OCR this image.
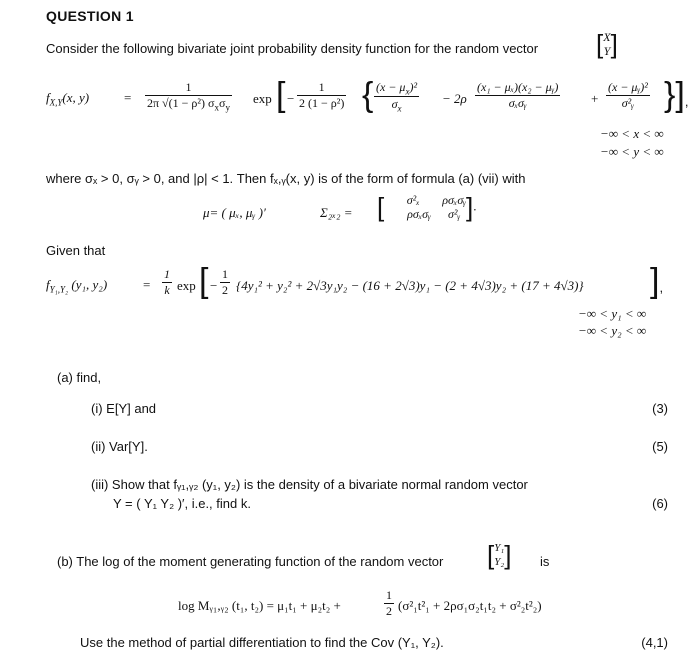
QUESTION 1
Consider the following bivariate joint probability density function for the random vector [ X
Y ]
$f_{X,Y}(x$, y)	= $\frac{1}{2\pi √(1 - \rho^2) \sigma_x\sigma_y}$ exp [ − $\frac{1}{\text{2 (1 − ρ²)}}$ { $\frac{(x - \mu_x)^2}{\sigma_x} - 2\rho \frac{\text{(x₁ − μₓ)(x₂ − μᵧ)}}{\text{σₓσᵧ}} + \frac{\text{(x − μᵧ)²}}{\text{σ²ᵧ}}$ }],
−∞ < x < ∞
−∞ < y < ∞
where σₓ > 0, σᵧ > 0, and |ρ| < 1. Then fₓ,ᵧ(x, y) is of the form of formula (a) (vii) with
μ= ( μₓ, μᵧ )′	Σ₂ₓ₂ = [	σ²ₓ ρσₓσᵧ
ρσₓσᵧ σ²ᵧ ].
Given that
$f_{Y_1,Y_2}$ (y₁, y₂)	= $\frac{1}{k}$ exp [ − $\frac{1}{2} \{4y_1^2 + y_2^2 + 2√3y_1y_2 - (16 + 2√3)y_1 - (2 + 4√3)y_2 + (17 + 4√3)\}$ ],
−∞ < y₁ < ∞
−∞ < y₂ < ∞
(a) find,
(i) E[Y] and	(3)
(ii) Var[Y].	(5)
(iii) Show that fᵧ₁,ᵧ₂ (y₁, y₂) is the density of a bivariate normal random vector
Y = ( Y₁ Y₂ )′, i.e., find k.	(6)
(b) The log of the moment generating function of the random vector [ Y₁
Y₂ ] is
log Mᵧ₁,ᵧ₂ (t₁, t₂) = μ₁t₁ + μ₂t₂ +	$\frac{1}{2} (\sigma^2_1t^2_1 + 2\rho\sigma_1\sigma_2t_1t_2 + \sigma^2_2t^2_2)$
Use the method of partial differentiation to find the Cov (Y₁, Y₂).	(4,1)
